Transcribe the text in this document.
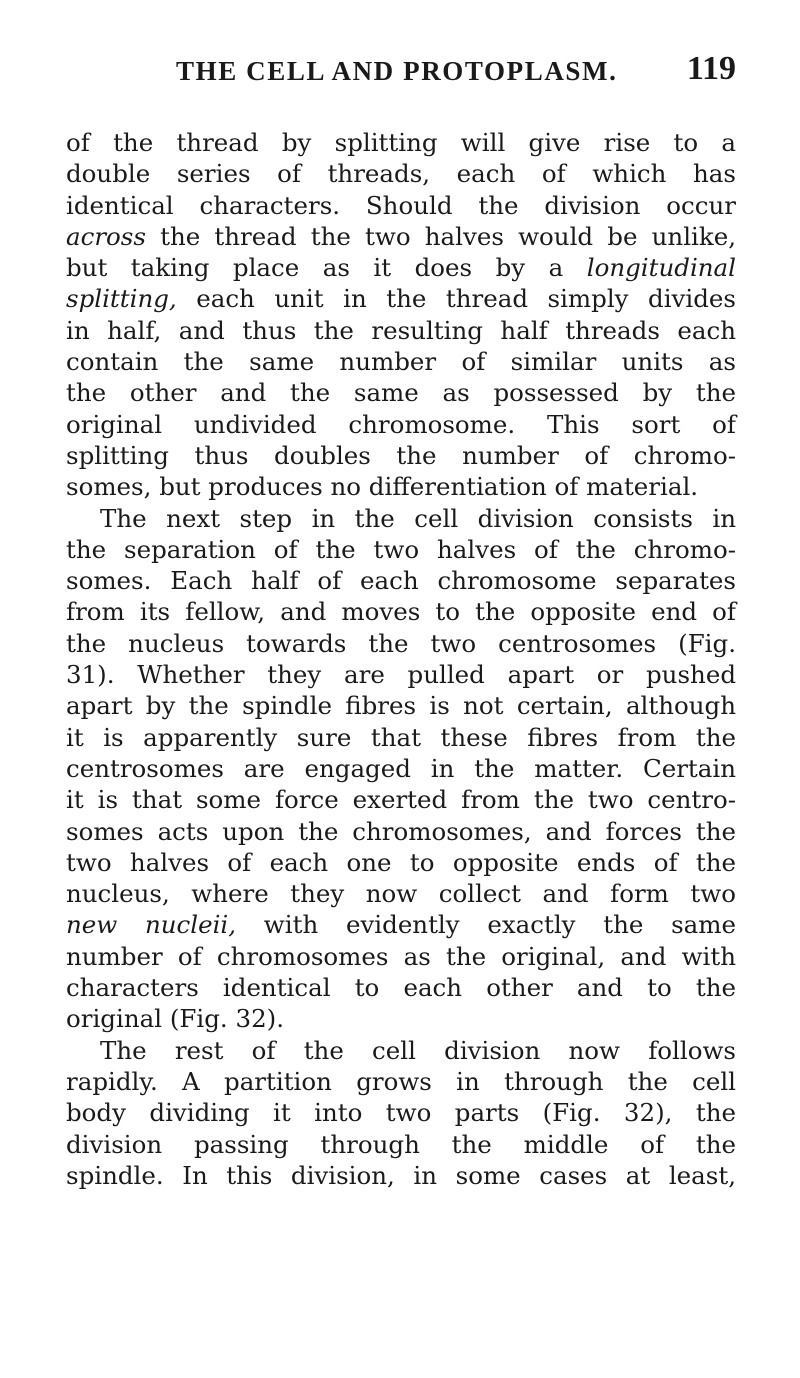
THE CELL AND PROTOPLASM. 119
of the thread by splitting will give rise to a
double series of threads, each of which has
identical characters. Should the division occur
across the thread the two halves would be unlike,
but taking place as it does by a longitudinal
splitting, each unit in the thread simply divides
in half, and thus the resulting half threads each
contain the same number of similar units as
the other and the same as possessed by the
original undivided chromosome. This sort of
splitting thus doubles the number of chromo-
somes, but produces no differentiation of material.
The next step in the cell division consists in
the separation of the two halves of the chromo-
somes. Each half of each chromosome separates
from its fellow, and moves to the opposite end of
the nucleus towards the two centrosomes (Fig.
31). Whether they are pulled apart or pushed
apart by the spindle fibres is not certain, although
it is apparently sure that these fibres from the
centrosomes are engaged in the matter. Certain
it is that some force exerted from the two centro-
somes acts upon the chromosomes, and forces the
two halves of each one to opposite ends of the
nucleus, where they now collect and form two
new nucleii, with evidently exactly the same
number of chromosomes as the original, and with
characters identical to each other and to the
original (Fig. 32).
The rest of the cell division now follows
rapidly. A partition grows in through the cell
body dividing it into two parts (Fig. 32), the
division passing through the middle of the
spindle. In this division, in some cases at least,
